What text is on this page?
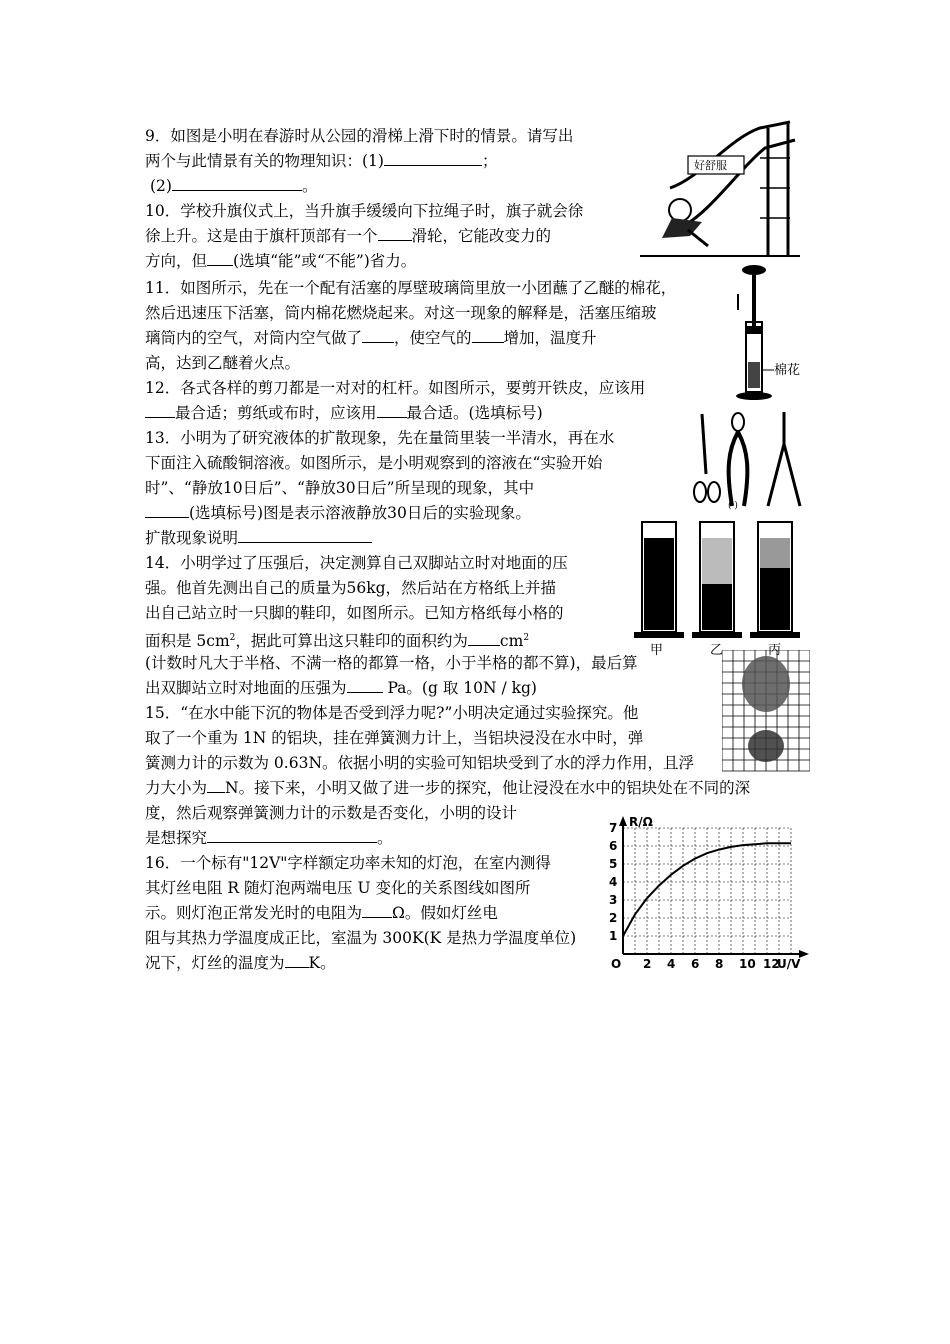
9．如图是小明在春游时从公园的滑梯上滑下时的情景。请写出
两个与此情景有关的物理知识：(1)	；
(2)	。
10．学校升旗仪式上，当升旗手缓缓向下拉绳子时，旗子就会徐
徐上升。这是由于旗杆顶部有一个 滑轮，它能改变力的
方向，但 (选填“能”或“不能”)省力。
11．如图所示，先在一个配有活塞的厚壁玻璃筒里放一小团蘸了乙醚的棉花，
然后迅速压下活塞，筒内棉花燃烧起来。对这一现象的解释是，活塞压缩玻
璃筒内的空气，对筒内空气做了 ，使空气的 增加，温度升
高，达到乙醚着火点。
12．各式各样的剪刀都是一对对的杠杆。如图所示，要剪开铁皮，应该用
最合适；剪纸或布时，应该用 最合适。(选填标号)
13．小明为了研究液体的扩散现象，先在量筒里装一半清水，再在水
下面注入硫酸铜溶液。如图所示，是小明观察到的溶液在“实验开始
时”、“静放10日后”、“静放30日后”所呈现的现象，其中
(选填标号)图是表示溶液静放30日后的实验现象。
扩散现象说明
14．小明学过了压强后，决定测算自己双脚站立时对地面的压
强。他首先测出自己的质量为56kg，然后站在方格纸上并描
出自己站立时一只脚的鞋印，如图所示。已知方格纸每小格的
面积是 $5cm^2$，据此可算出这只鞋印的面积约为 $cm^2$
(计数时凡大于半格、不满一格的都算一格，小于半格的都不算)，最后算
出双脚站立时对地面的压强为 Pa。(g 取 10N / kg)
15．“在水中能下沉的物体是否受到浮力呢?”小明决定通过实验探究。他
取了一个重为 1N 的铝块，挂在弹簧测力计上，当铝块浸没在水中时，弹
簧测力计的示数为 0.63N。依据小明的实验可知铝块受到了水的浮力作用，且浮
力大小为 N。接下来，小明又做了进一步的探究，他让浸没在水中的铝块处在不同的深
度，然后观察弹簧测力计的示数是否变化，小明的设计
是想探究	。
16．一个标有"12V"字样额定功率未知的灯泡，在室内测得
其灯丝电阻 R 随灯泡两端电压 U 变化的关系图线如图所
示。则灯泡正常发光时的电阻为 Ω。假如灯丝电
阻与其热力学温度成正比，室温为 300K(K 是热力学温度单位)
况下，灯丝的温度为 K。
好舒服
棉花
( )
甲	乙	丙
R/Ω
U/V
O 2 4 6 8 10 12
1
2
3
4
5
6
7
